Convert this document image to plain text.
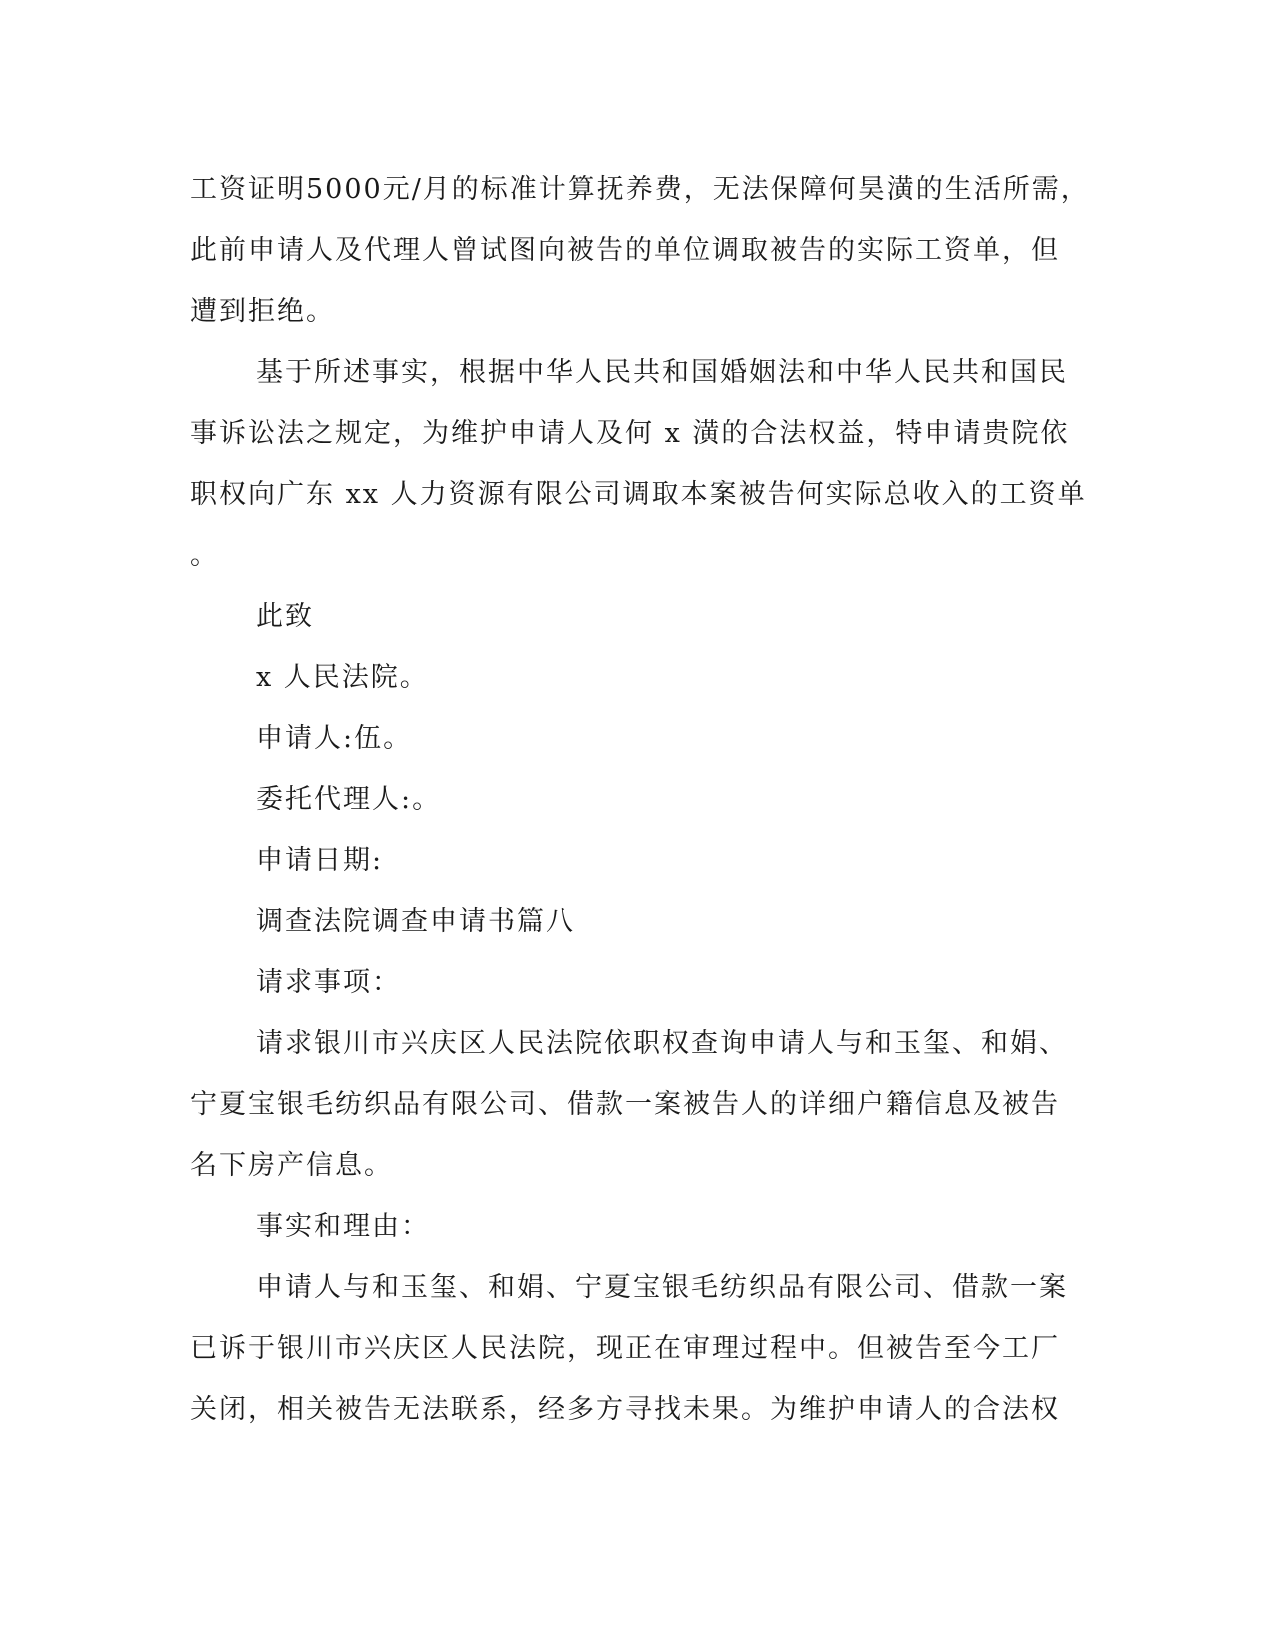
工资证明5000元/月的标准计算抚养费，无法保障何昊潢的生活所需，
此前申请人及代理人曾试图向被告的单位调取被告的实际工资单，但
遭到拒绝。
基于所述事实，根据中华人民共和国婚姻法和中华人民共和国民
事诉讼法之规定，为维护申请人及何 x 潢的合法权益，特申请贵院依
职权向广东 xx 人力资源有限公司调取本案被告何实际总收入的工资单
。
此致
x 人民法院。
申请人:伍。
委托代理人:。
申请日期:
调查法院调查申请书篇八
请求事项：
请求银川市兴庆区人民法院依职权查询申请人与和玉玺、和娟、
宁夏宝银毛纺织品有限公司、借款一案被告人的详细户籍信息及被告
名下房产信息。
事实和理由：
申请人与和玉玺、和娟、宁夏宝银毛纺织品有限公司、借款一案
已诉于银川市兴庆区人民法院，现正在审理过程中。但被告至今工厂
关闭，相关被告无法联系，经多方寻找未果。为维护申请人的合法权
